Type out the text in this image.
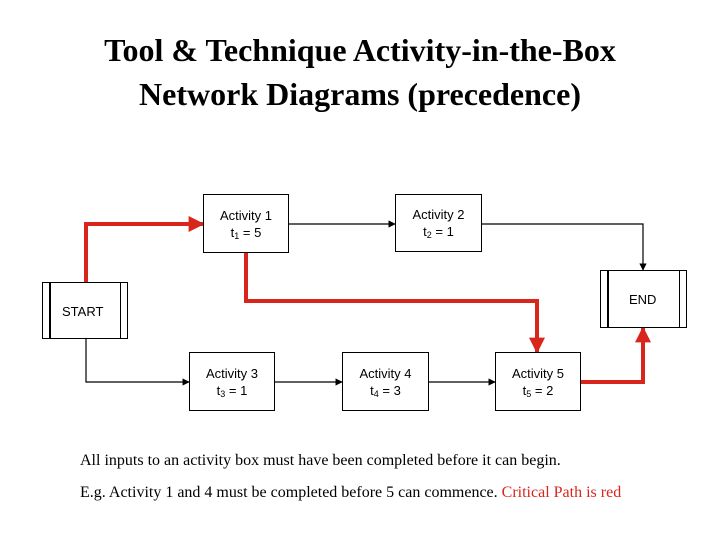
Tool & Technique Activity-in-the-Box
Network Diagrams (precedence)
START
END
Activity 1
$t_1 = 5$
Activity 2
$t_2 = 1$
Activity 3
$t_3 = 1$
Activity 4
$t_4 = 3$
Activity 5
$t_5 = 2$
All inputs to an activity box must have been completed before it can begin.
E.g. Activity 1 and 4 must be completed before 5 can commence. Critical Path is red
